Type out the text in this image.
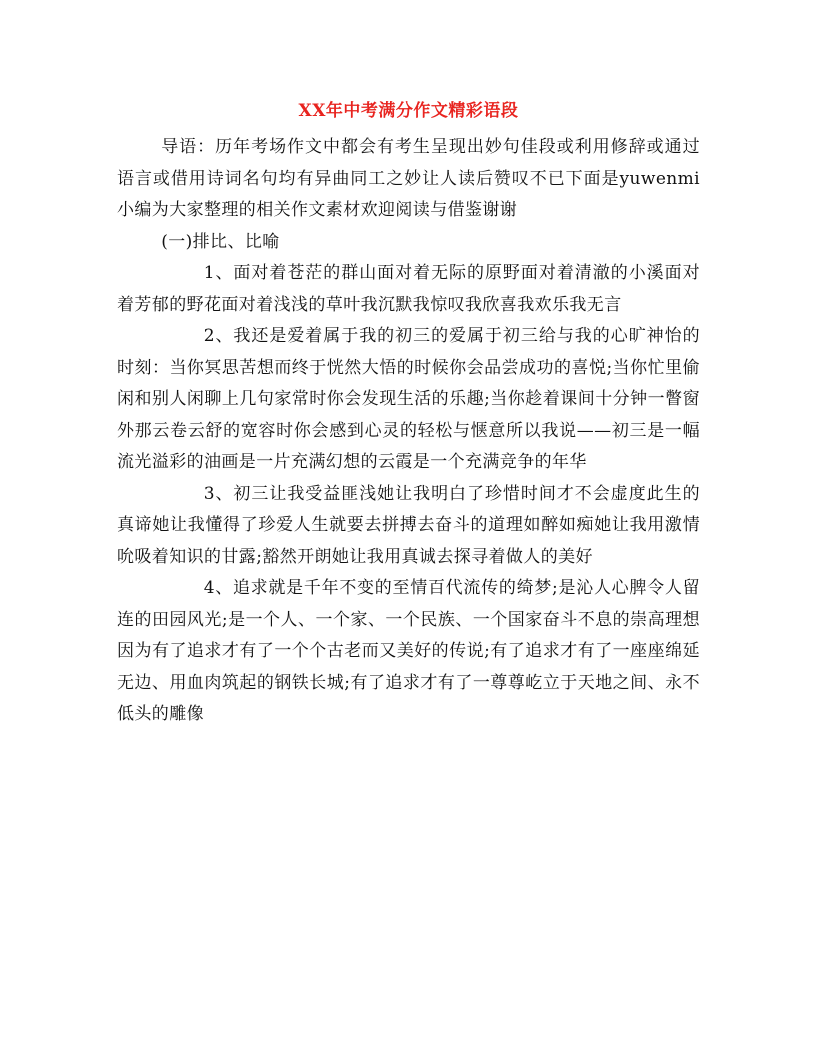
XX年中考满分作文精彩语段

导语：历年考场作文中都会有考生呈现出妙句佳段或利用修辞或通过语言或借用诗词名句均有异曲同工之妙让人读后赞叹不已下面是yuwenmi小编为大家整理的相关作文素材欢迎阅读与借鉴谢谢

(一)排比、比喻

1、面对着苍茫的群山面对着无际的原野面对着清澈的小溪面对着芳郁的野花面对着浅浅的草叶我沉默我惊叹我欣喜我欢乐我无言

2、我还是爱着属于我的初三的爱属于初三给与我的心旷神怡的时刻：当你冥思苦想而终于恍然大悟的时候你会品尝成功的喜悦;当你忙里偷闲和别人闲聊上几句家常时你会发现生活的乐趣;当你趁着课间十分钟一瞥窗外那云卷云舒的宽容时你会感到心灵的轻松与惬意所以我说——初三是一幅流光溢彩的油画是一片充满幻想的云霞是一个充满竞争的年华

3、初三让我受益匪浅她让我明白了珍惜时间才不会虚度此生的真谛她让我懂得了珍爱人生就要去拼搏去奋斗的道理如醉如痴她让我用激情吮吸着知识的甘露;豁然开朗她让我用真诚去探寻着做人的美好

4、追求就是千年不变的至情百代流传的绮梦;是沁人心脾令人留连的田园风光;是一个人、一个家、一个民族、一个国家奋斗不息的崇高理想因为有了追求才有了一个个古老而又美好的传说;有了追求才有了一座座绵延无边、用血肉筑起的钢铁长城;有了追求才有了一尊尊屹立于天地之间、永不低头的雕像
